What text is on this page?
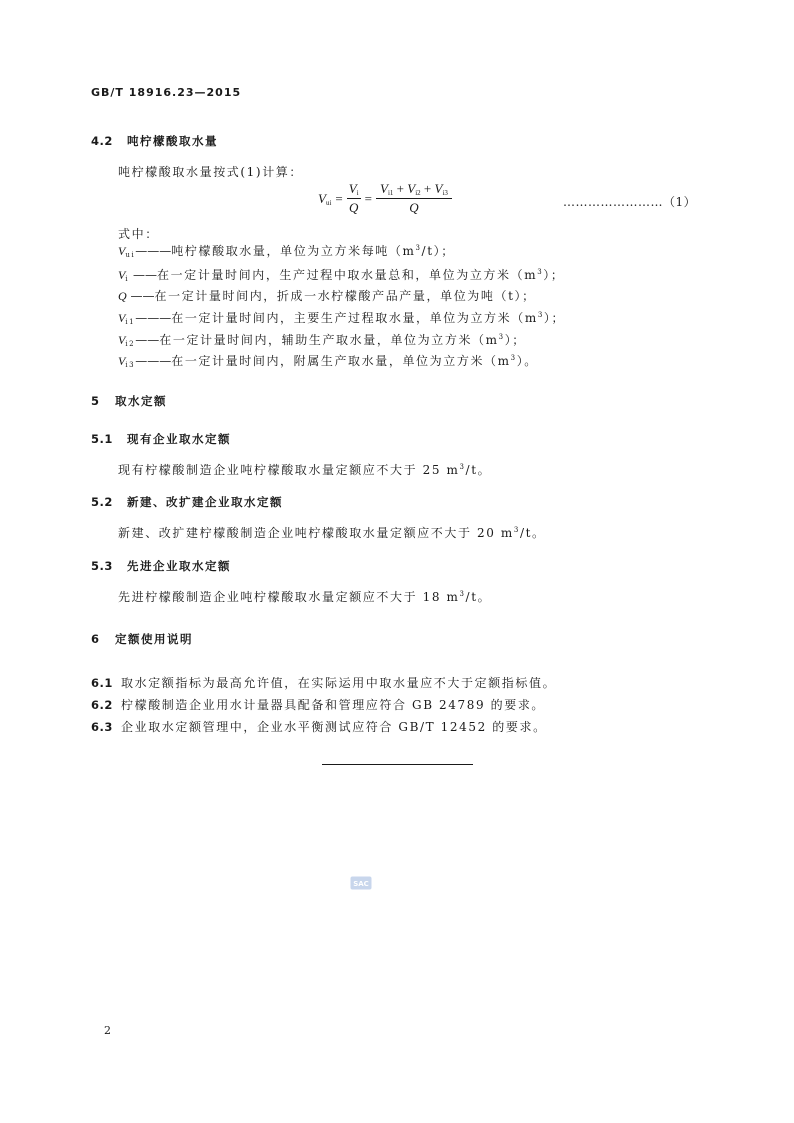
GB/T 18916.23—2015
4.2 吨柠檬酸取水量
吨柠檬酸取水量按式(1)计算：
$V_{ui} = \frac{V_i}{Q} = \frac{V_{i1} + V_{i2} + V_{i3}}{Q}$	……………………（1）
式中：
$V_{ui}———$吨柠檬酸取水量，单位为立方米每吨$(m^3/t)$；
$V_i$ ——在一定计量时间内，生产过程中取水量总和，单位为立方米$(m^3)$；
Q ——在一定计量时间内，折成一水柠檬酸产品产量，单位为吨（t）；
$V_{i1}———$在一定计量时间内，主要生产过程取水量，单位为立方米$(m^3)$；
$V_{i2}——$在一定计量时间内，辅助生产取水量，单位为立方米$(m^3)$；
$V_{i3}———$在一定计量时间内，附属生产取水量，单位为立方米$(m^3)$。
5 取水定额
5.1 现有企业取水定额
现有柠檬酸制造企业吨柠檬酸取水量定额应不大于 25 $m^3/t$。
5.2 新建、改扩建企业取水定额
新建、改扩建柠檬酸制造企业吨柠檬酸取水量定额应不大于 20 $m^3/t$。
5.3 先进企业取水定额
先进柠檬酸制造企业吨柠檬酸取水量定额应不大于 18 $m^3/t$。
6 定额使用说明
6.1 取水定额指标为最高允许值，在实际运用中取水量应不大于定额指标值。
6.2 柠檬酸制造企业用水计量器具配备和管理应符合 GB 24789 的要求。
6.3 企业取水定额管理中，企业水平衡测试应符合 GB/T 12452 的要求。
SAC
2
